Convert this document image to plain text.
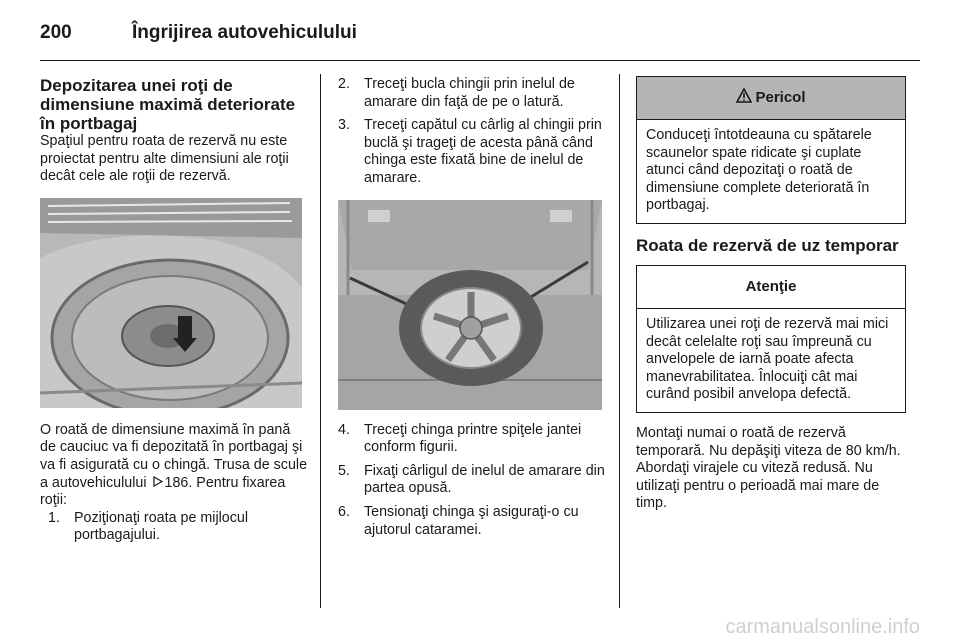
200	Îngrijirea autovehiculului
Depozitarea unei roţi de dimensiune maximă deteriorate în portbagaj

Spaţiul pentru roata de rezervă nu este proiectat pentru alte dimensiuni ale roţii decât cele ale roţii de rezervă.

O roată de dimensiune maximă în pană de cauciuc va fi depozitată în portbagaj şi va fi asigurată cu o chingă. Trusa de scule a autovehiculului 186. Pentru fixarea roţii:

1. Poziţionaţi roata pe mijlocul portbagajului.
2. Treceţi bucla chingii prin inelul de amarare din faţă de pe o latură.
3. Treceţi capătul cu cârlig al chingii prin buclă şi trageţi de acesta până când chinga este fixată bine de inelul de amarare.
4. Treceţi chinga printre spiţele jantei conform figurii.
5. Fixaţi cârligul de inelul de amarare din partea opusă.
6. Tensionaţi chinga şi asiguraţi-o cu ajutorul cataramei.
Pericol
Conduceţi întotdeauna cu spătarele scaunelor spate ridicate şi cuplate atunci când depozitaţi o roată de dimensiune complete deteriorată în portbagaj.
Roata de rezervă de uz temporar
Atenţie
Utilizarea unei roţi de rezervă mai mici decât celelalte roţi sau împreună cu anvelopele de iarnă poate afecta manevrabilitatea. Înlocuiţi cât mai curând posibil anvelopa defectă.

Montaţi numai o roată de rezervă temporară. Nu depăşiţi viteza de 80 km/h. Abordaţi virajele cu viteză redusă. Nu utilizaţi pentru o perioadă mai mare de timp.

carmanualsonline.info
